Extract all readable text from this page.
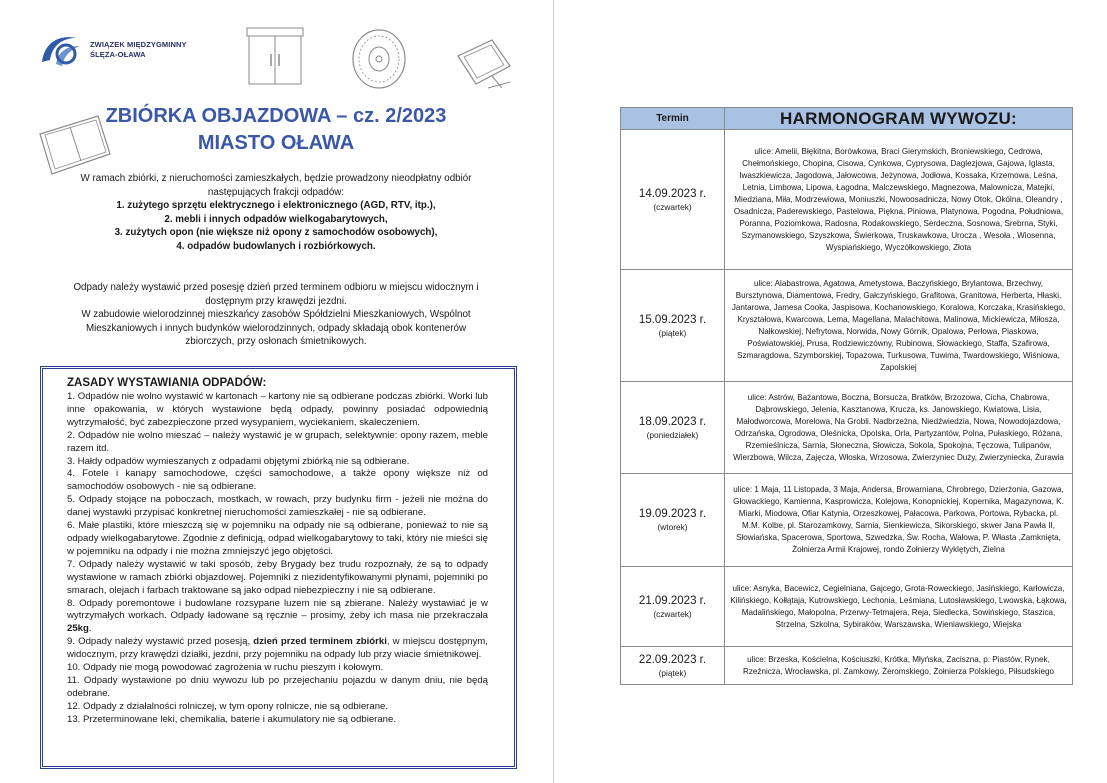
ZWIĄZEK MIĘDZYGMINNY
ŚLĘZA-OŁAWA
ZBIÓRKA OBJAZDOWA – cz. 2/2023
MIASTO OŁAWA

W ramach zbiórki, z nieruchomości zamieszkałych, będzie prowadzony nieodpłatny odbiór następujących frakcji odpadów:

1. zużytego sprzętu elektrycznego i elektronicznego (AGD, RTV, itp.),
2. mebli i innych odpadów wielkogabarytowych,
3. zużytych opon (nie większe niż opony z samochodów osobowych),
4. odpadów budowlanych i rozbiórkowych.

Odpady należy wystawić przed posesję dzień przed terminem odbioru w miejscu widocznym i dostępnym przy krawędzi jezdni.

W zabudowie wielorodzinnej mieszkańcy zasobów Spółdzielni Mieszkaniowych, Wspólnot Mieszkaniowych i innych budynków wielorodzinnych, odpady składają obok kontenerów zbiorczych, przy osłonach śmietnikowych.

ZASADY WYSTAWIANIA ODPADÓW:

1. Odpadów nie wolno wystawić w kartonach – kartony nie są odbierane podczas zbiórki. Worki lub inne opakowania, w których wystawione będą odpady, powinny posiadać odpowiednią wytrzymałość, być zabezpieczone przed wysypaniem, wyciekaniem, skaleczeniem.

2. Odpadów nie wolno mieszać – należy wystawić je w grupach, selektywnie: opony razem, meble razem itd.

3. Hałdy odpadów wymieszanych z odpadami objętymi zbiórką nie są odbierane.

4. Fotele i kanapy samochodowe, części samochodowe, a także opony większe niż od samochodów osobowych - nie są odbierane.

5. Odpady stojące na poboczach, mostkach, w rowach, przy budynku firm - jeżeli nie można do danej wystawki przypisać konkretnej nieruchomości zamieszkałej - nie są odbierane.

6. Małe plastiki, które mieszczą się w pojemniku na odpady nie są odbierane, ponieważ to nie są odpady wielkogabarytowe. Zgodnie z definicją, odpad wielkogabarytowy to taki, który nie mieści się w pojemniku na odpady i nie można zmniejszyć jego objętości.

7. Odpady należy wystawić w taki sposób, żeby Brygady bez trudu rozpoznały, że są to odpady wystawione w ramach zbiórki objazdowej. Pojemniki z niezidentyfikowanymi płynami, pojemniki po smarach, olejach i farbach traktowane są jako odpad niebezpieczny i nie są odbierane.

8. Odpady poremontowe i budowlane rozsypane luzem nie są zbierane. Należy wystawiać je w wytrzymałych workach. Odpady ładowane są ręcznie – prosimy, żeby ich masa nie przekraczała 25kg.

9. Odpady należy wystawić przed posesją, dzień przed terminem zbiórki, w miejscu dostępnym, widocznym, przy krawędzi działki, jezdni, przy pojemniku na odpady lub przy wiacie śmietnikowej.

10. Odpady nie mogą powodować zagrożenia w ruchu pieszym i kołowym.

11. Odpady wystawione po dniu wywozu lub po przejechaniu pojazdu w danym dniu, nie będą odebrane.

12. Odpady z działalności rolniczej, w tym opony rolnicze, nie są odbierane.

13. Przeterminowane leki, chemikalia, baterie i akumulatory nie są odbierane.

Termin	HARMONOGRAM WYWOZU:

14.09.2023 r.
(czwartek)	ulice: Amelii, Błękitna, Borówkowa, Braci Gierymskich, Broniewskiego, Cedrowa, Chełmońskiego, Chopina, Cisowa, Cynkowa, Cyprysowa, Daglezjowa, Gajowa, Iglasta, Iwaszkiewicza, Jagodowa, Jałowcowa, Jeżynowa, Jodłowa, Kossaka, Krzemowa, Leśna, Letnia, Limbowa, Lipowa, Łagodna, Malczewskiego, Magnezowa, Malownicza, Matejki, Miedziana, Miła, Modrzewiowa, Moniuszki, Nowoosadnicza, Nowy Otok, Okólna, Oleandry , Osadnicza, Paderewskiego, Pastelowa, Piękna, Piniowa, Platynowa, Pogodna, Południowa, Poranna, Poziomkowa, Radosna, Rodakowskiego, Serdeczna, Sosnowa, Srebrna, Styki, Szymanowskiego, Szyszkowa, Świerkowa, Truskawkowa, Urocza , Wesoła , Wiosenna, Wyspiańskiego, Wyczółkowskiego, Złota

15.09.2023 r.
(piątek)	ulice: Alabastrowa, Agatowa, Ametystowa, Baczyńskiego, Brylantowa, Brzechwy, Bursztynowa, Diamentowa, Fredry, Gałczyńskiego, Grafitowa, Granitowa, Herberta, Hłaski, Jantarowa, Jamesa Cooka, Jaspisowa, Kochanowskiego, Koralowa, Korczaka, Krasińskiego, Kryształowa, Kwarcowa, Lema, Magellana, Malachitowa, Malinowa, Mickiewicza, Miłosza, Nałkowskiej, Nefrytowa, Norwida, Nowy Górnik, Opalowa, Perłowa, Piaskowa, Poświatowskiej, Prusa, Rodziewiczówny, Rubinowa, Słowackiego, Staffa, Szafirowa, Szmaragdowa, Szymborskiej, Topazowa, Turkusowa, Tuwima, Twardowskiego, Wiśniowa, Zapolskiej

18.09.2023 r.
(poniedziałek)	ulice: Astrów, Bażantowa, Boczna, Borsucza, Bratków, Brzozowa, Cicha, Chabrowa, Dąbrowskiego, Jelenia, Kasztanowa, Krucza, ks. Janowskiego, Kwiatowa, Lisia, Małodworcowa, Morelowa, Na Grobli. Nadbrzeżna, Niedźwiedzia, Nowa, Nowodojazdowa, Odrzańska, Ogrodowa, Oleśnicka, Opolska, Orla, Partyzantów, Polna, Pułaskiego, Różana, Rzemieślnicza, Sarnia, Słoneczna, Słowicza, Sokola, Spokojna, Tęczowa, Tulipanów, Wierzbowa, Wilcza, Zajęcza, Włoska, Wrzosowa, Zwierzyniec Duży, Zwierzyniecka, Żurawia

19.09.2023 r.
(wtorek)	ulice: 1 Maja, 11 Listopada, 3 Maja, Andersa, Browarniana, Chrobrego, Dzierżonia, Gazowa, Głowackiego, Kamienna, Kasprowicza, Kolejowa, Konopnickiej, Kopernika, Magazynowa, K. Miarki, Miodowa, Ofiar Katynia, Orzeszkowej, Pałacowa, Parkowa, Portowa, Rybacka, pl. M.M. Kolbe, pl. Starozamkowy, Sarnia, Sienkiewicza, Sikorskiego, skwer Jana Pawła II, Słowiańska, Spacerowa, Sportowa, Szwedzka, Św. Rocha, Wałowa, P. Własta ,Zamknięta, Żołnierza Armii Krajowej, rondo Żołnierzy Wyklętych, Zielna

21.09.2023 r.
(czwartek)	ulice: Asnyka, Bacewicz, Cegielniana, Gajcego, Grota-Roweckiego, Jasińskiego, Karłowicza, Kilińskiego, Kołłątaja, Kutrowskiego, Lechonia, Leśmiana, Lutosławskiego, Lwowska, Łąkowa, Madalińskiego, Małopolna, Przerwy-Tetmajera, Reja, Siedlecka, Sowińskiego, Staszica, Strzelna, Szkolna, Sybiraków, Warszawska, Wieniawskiego, Wiejska

22.09.2023 r.
(piątek)	ulice: Brzeska, Kościelna, Kościuszki, Krótka, Młyńska, Zaciszna, p. Piastów, Rynek, Rzeźnicza, Wrocławska, pl. Zamkowy, Żeromskiego, Żołnierza Polskiego, Piłsudskiego
